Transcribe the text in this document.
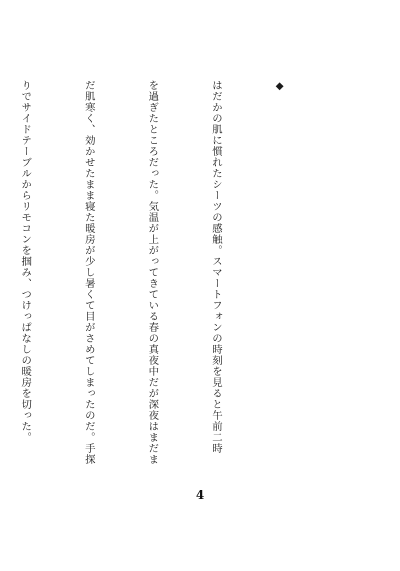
◆

はだかの肌に慣れたシーツの感触。スマートフォンの時刻を見ると午前二時

を過ぎたところだった。気温が上がってきている春の真夜中だが深夜はまだま

だ肌寒く、効かせたまま寝た暖房が少し暑くて目がさめてしまったのだ。手探

りでサイドテーブルからリモコンを掴み、つけっぱなしの暖房を切った。

4
